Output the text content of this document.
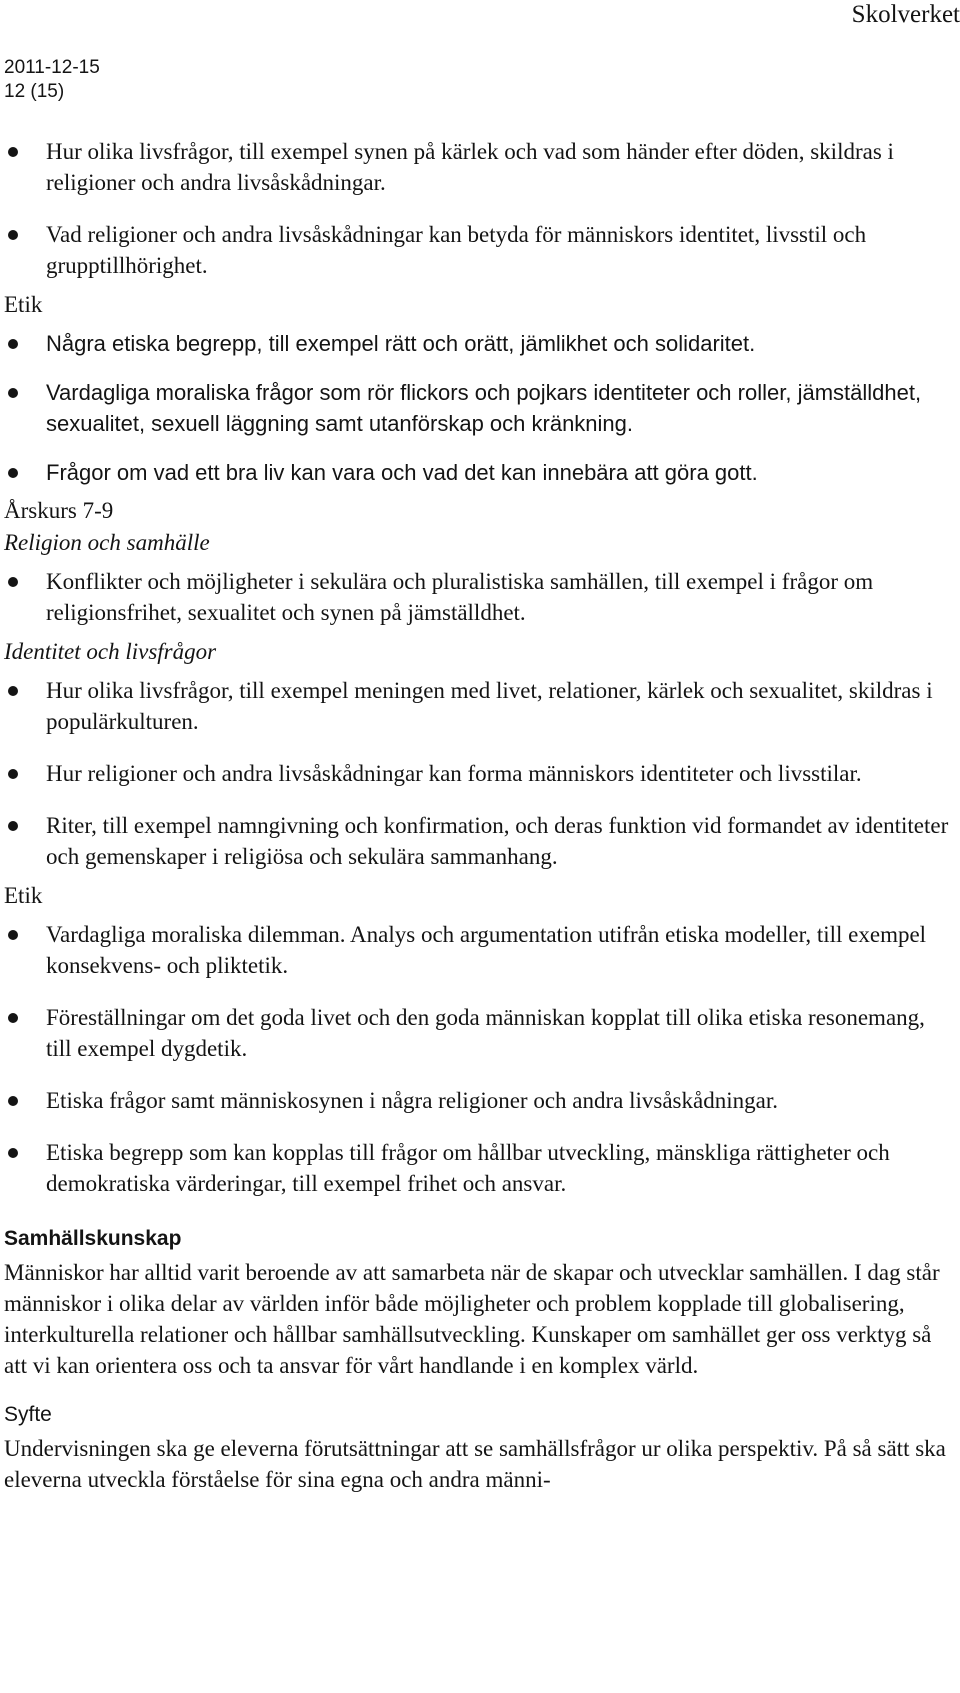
Skolverket
2011-12-15
12 (15)
Hur olika livsfrågor, till exempel synen på kärlek och vad som händer efter döden, skildras i religioner och andra livsåskådningar.
Vad religioner och andra livsåskådningar kan betyda för människors identitet, livsstil och grupptillhörighet.
Etik
Några etiska begrepp, till exempel rätt och orätt, jämlikhet och solidaritet.
Vardagliga moraliska frågor som rör flickors och pojkars identiteter och roller, jämställdhet, sexualitet, sexuell läggning samt utanförskap och kränkning.
Frågor om vad ett bra liv kan vara och vad det kan innebära att göra gott.
Årskurs 7-9
Religion och samhälle
Konflikter och möjligheter i sekulära och pluralistiska samhällen, till exempel i frågor om religionsfrihet, sexualitet och synen på jämställdhet.
Identitet och livsfrågor
Hur olika livsfrågor, till exempel meningen med livet, relationer, kärlek och sexualitet, skildras i populärkulturen.
Hur religioner och andra livsåskådningar kan forma människors identiteter och livsstilar.
Riter, till exempel namngivning och konfirmation, och deras funktion vid formandet av identiteter och gemenskaper i religiösa och sekulära sammanhang.
Etik
Vardagliga moraliska dilemman. Analys och argumentation utifrån etiska modeller, till exempel konsekvens- och pliktetik.
Föreställningar om det goda livet och den goda människan kopplat till olika etiska resonemang, till exempel dygdetik.
Etiska frågor samt människosynen i några religioner och andra livsåskådningar.
Etiska begrepp som kan kopplas till frågor om hållbar utveckling, mänskliga rättigheter och demokratiska värderingar, till exempel frihet och ansvar.
Samhällskunskap
Människor har alltid varit beroende av att samarbeta när de skapar och utvecklar samhällen. I dag står människor i olika delar av världen inför både möjligheter och problem kopplade till globalisering, interkulturella relationer och hållbar samhällsutveckling. Kunskaper om samhället ger oss verktyg så att vi kan orientera oss och ta ansvar för vårt handlande i en komplex värld.
Syfte
Undervisningen ska ge eleverna förutsättningar att se samhällsfrågor ur olika perspektiv. På så sätt ska eleverna utveckla förståelse för sina egna och andra männi-
